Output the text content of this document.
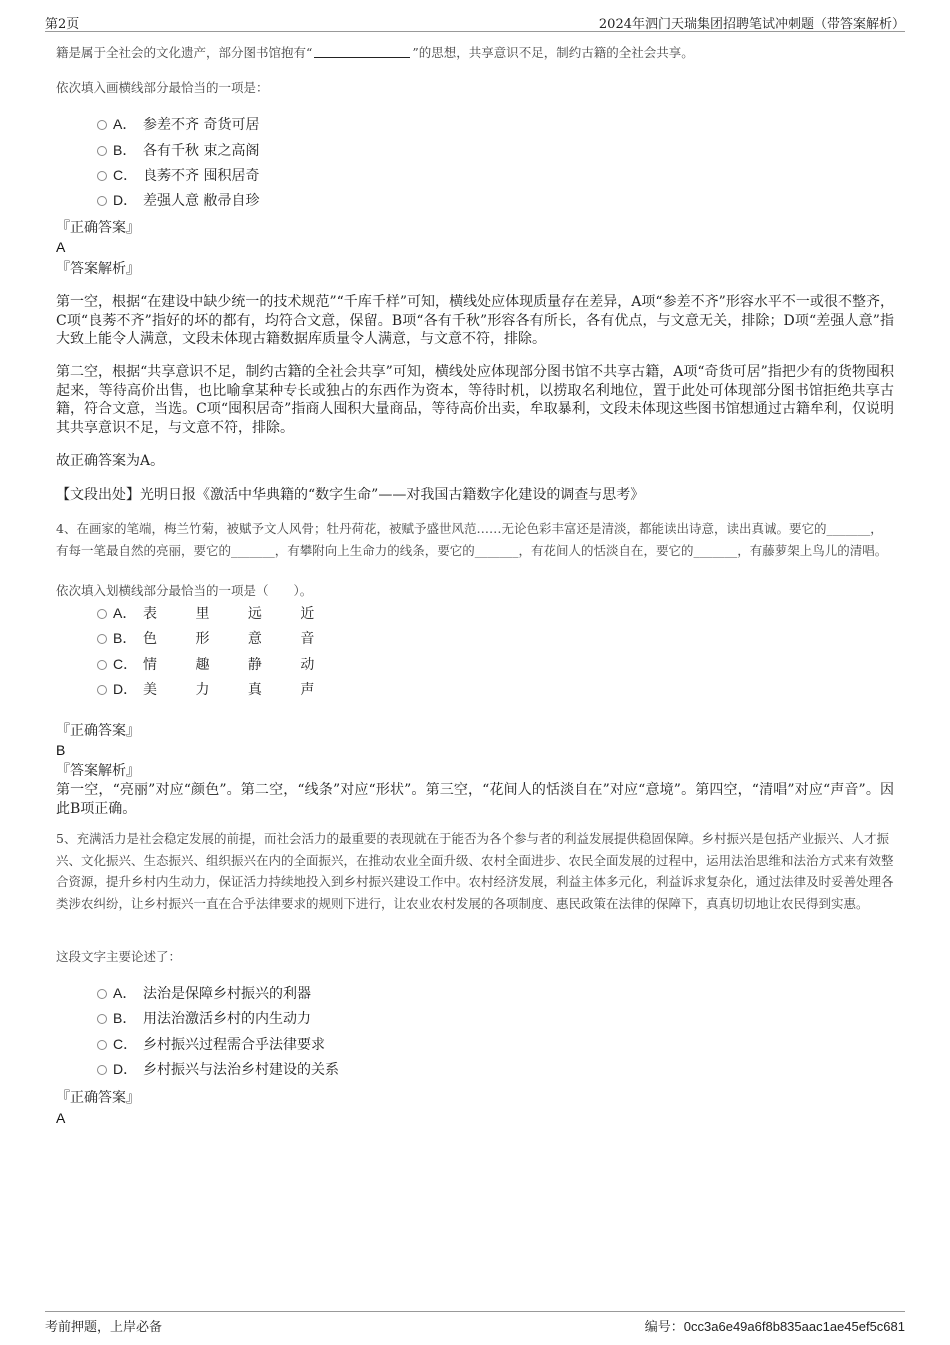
第2页	2024年泗门天瑞集团招聘笔试冲刺题（带答案解析）
籍是属于全社会的文化遗产，部分图书馆抱有“	”的思想，共享意识不足，制约古籍的全社会共享。
依次填入画横线部分最恰当的一项是：
A． 参差不齐 奇货可居
B． 各有千秋 束之高阁
C． 良莠不齐 囤积居奇
D． 差强人意 敝帚自珍
『正确答案』
A
『答案解析』
第一空，根据“在建设中缺少统一的技术规范”“千库千样”可知，横线处应体现质量存在差异，A项“参差不齐”形容水平不一或很不整齐，C项“良莠不齐”指好的坏的都有，均符合文意，保留。B项“各有千秋”形容各有所长，各有优点，与文意无关，排除；D项“差强人意”指大致上能令人满意，文段未体现古籍数据库质量令人满意，与文意不符，排除。
第二空，根据“共享意识不足，制约古籍的全社会共享”可知，横线处应体现部分图书馆不共享古籍，A项“奇货可居”指把少有的货物囤积起来，等待高价出售，也比喻拿某种专长或独占的东西作为资本，等待时机，以捞取名利地位，置于此处可体现部分图书馆拒绝共享古籍，符合文意，当选。C项“囤积居奇”指商人囤积大量商品，等待高价出卖，牟取暴利，文段未体现这些图书馆想通过古籍牟利，仅说明其共享意识不足，与文意不符，排除。
故正确答案为A。
【文段出处】光明日报《激活中华典籍的“数字生命”——对我国古籍数字化建设的调查与思考》
4、在画家的笔端，梅兰竹菊，被赋予文人风骨；牡丹荷花，被赋予盛世风范……无论色彩丰富还是清淡，都能读出诗意，读出真诚。要它的_______，有每一笔最自然的亮丽，要它的_______，有攀附向上生命力的线条，要它的_______，有花间人的恬淡自在，要它的_______，有藤萝架上鸟儿的清唱。
依次填入划横线部分最恰当的一项是（　　）。
A． 表 里 远 近
B． 色 形 意 音
C． 情 趣 静 动
D． 美 力 真 声
『正确答案』
B
『答案解析』
第一空，“亮丽”对应“颜色”。第二空，“线条”对应“形状”。第三空，“花间人的恬淡自在”对应“意境”。第四空，“清唱”对应“声音”。因此B项正确。
5、充满活力是社会稳定发展的前提，而社会活力的最重要的表现就在于能否为各个参与者的利益发展提供稳固保障。乡村振兴是包括产业振兴、人才振兴、文化振兴、生态振兴、组织振兴在内的全面振兴，在推动农业全面升级、农村全面进步、农民全面发展的过程中，运用法治思维和法治方式来有效整合资源，提升乡村内生动力，保证活力持续地投入到乡村振兴建设工作中。农村经济发展，利益主体多元化，利益诉求复杂化，通过法律及时妥善处理各类涉农纠纷，让乡村振兴一直在合乎法律要求的规则下进行，让农业农村发展的各项制度、惠民政策在法律的保障下，真真切切地让农民得到实惠。
这段文字主要论述了：
A． 法治是保障乡村振兴的利器
B． 用法治激活乡村的内生动力
C． 乡村振兴过程需合乎法律要求
D． 乡村振兴与法治乡村建设的关系
『正确答案』
A
考前押题，上岸必备	编号：0cc3a6e49a6f8b835aac1ae45ef5c681
